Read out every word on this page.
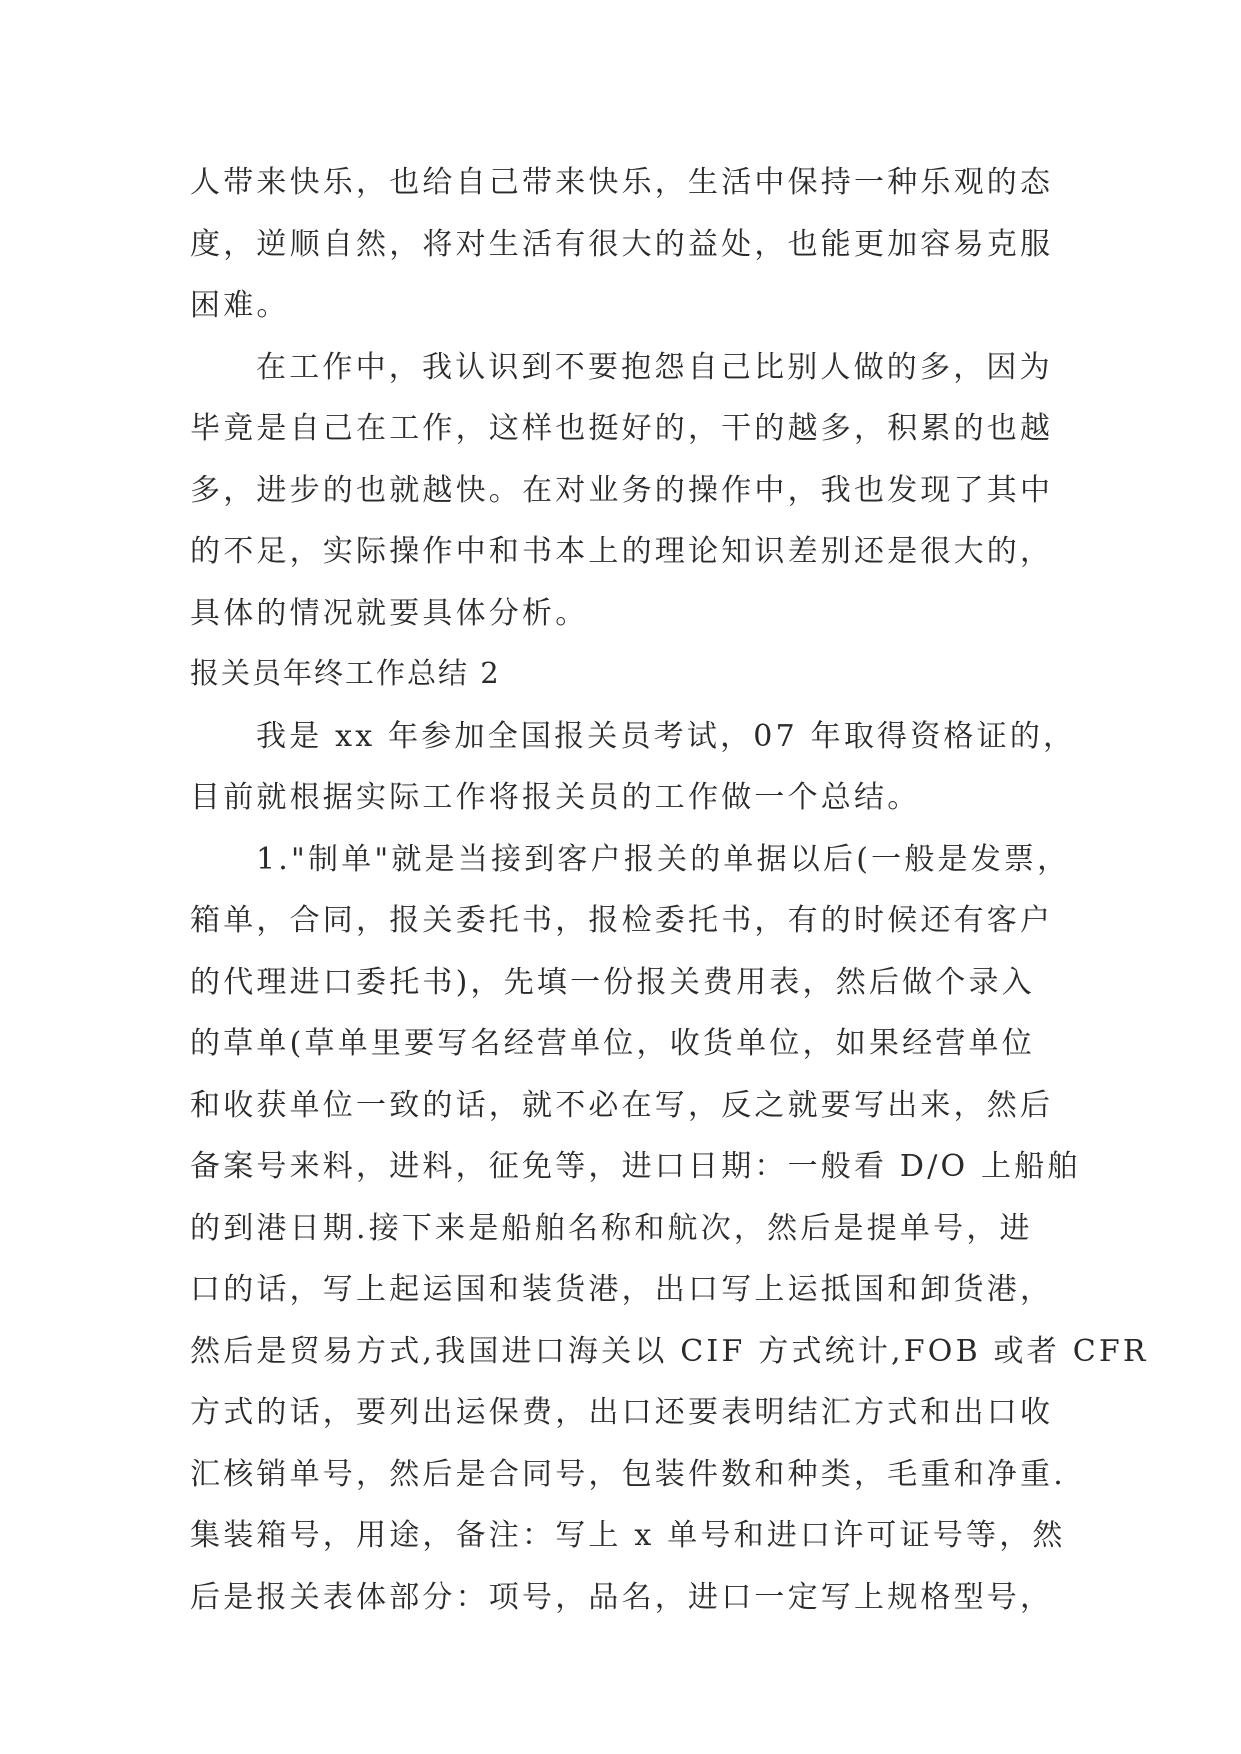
人带来快乐，也给自己带来快乐，生活中保持一种乐观的态
度，逆顺自然，将对生活有很大的益处，也能更加容易克服
困难。
在工作中，我认识到不要抱怨自己比别人做的多，因为
毕竟是自己在工作，这样也挺好的，干的越多，积累的也越
多，进步的也就越快。在对业务的操作中，我也发现了其中
的不足，实际操作中和书本上的理论知识差别还是很大的，
具体的情况就要具体分析。
报关员年终工作总结 2
我是 xx 年参加全国报关员考试，07 年取得资格证的，
目前就根据实际工作将报关员的工作做一个总结。
1."制单"就是当接到客户报关的单据以后(一般是发票，
箱单，合同，报关委托书，报检委托书，有的时候还有客户
的代理进口委托书)，先填一份报关费用表，然后做个录入
的草单(草单里要写名经营单位，收货单位，如果经营单位
和收获单位一致的话，就不必在写，反之就要写出来，然后
备案号来料，进料，征免等，进口日期：一般看 D/O 上船舶
的到港日期.接下来是船舶名称和航次，然后是提单号，进
口的话，写上起运国和装货港，出口写上运抵国和卸货港，
然后是贸易方式,我国进口海关以 CIF 方式统计,FOB 或者 CFR
方式的话，要列出运保费，出口还要表明结汇方式和出口收
汇核销单号，然后是合同号，包装件数和种类，毛重和净重.
集装箱号，用途，备注：写上 x 单号和进口许可证号等，然
后是报关表体部分：项号，品名，进口一定写上规格型号，
